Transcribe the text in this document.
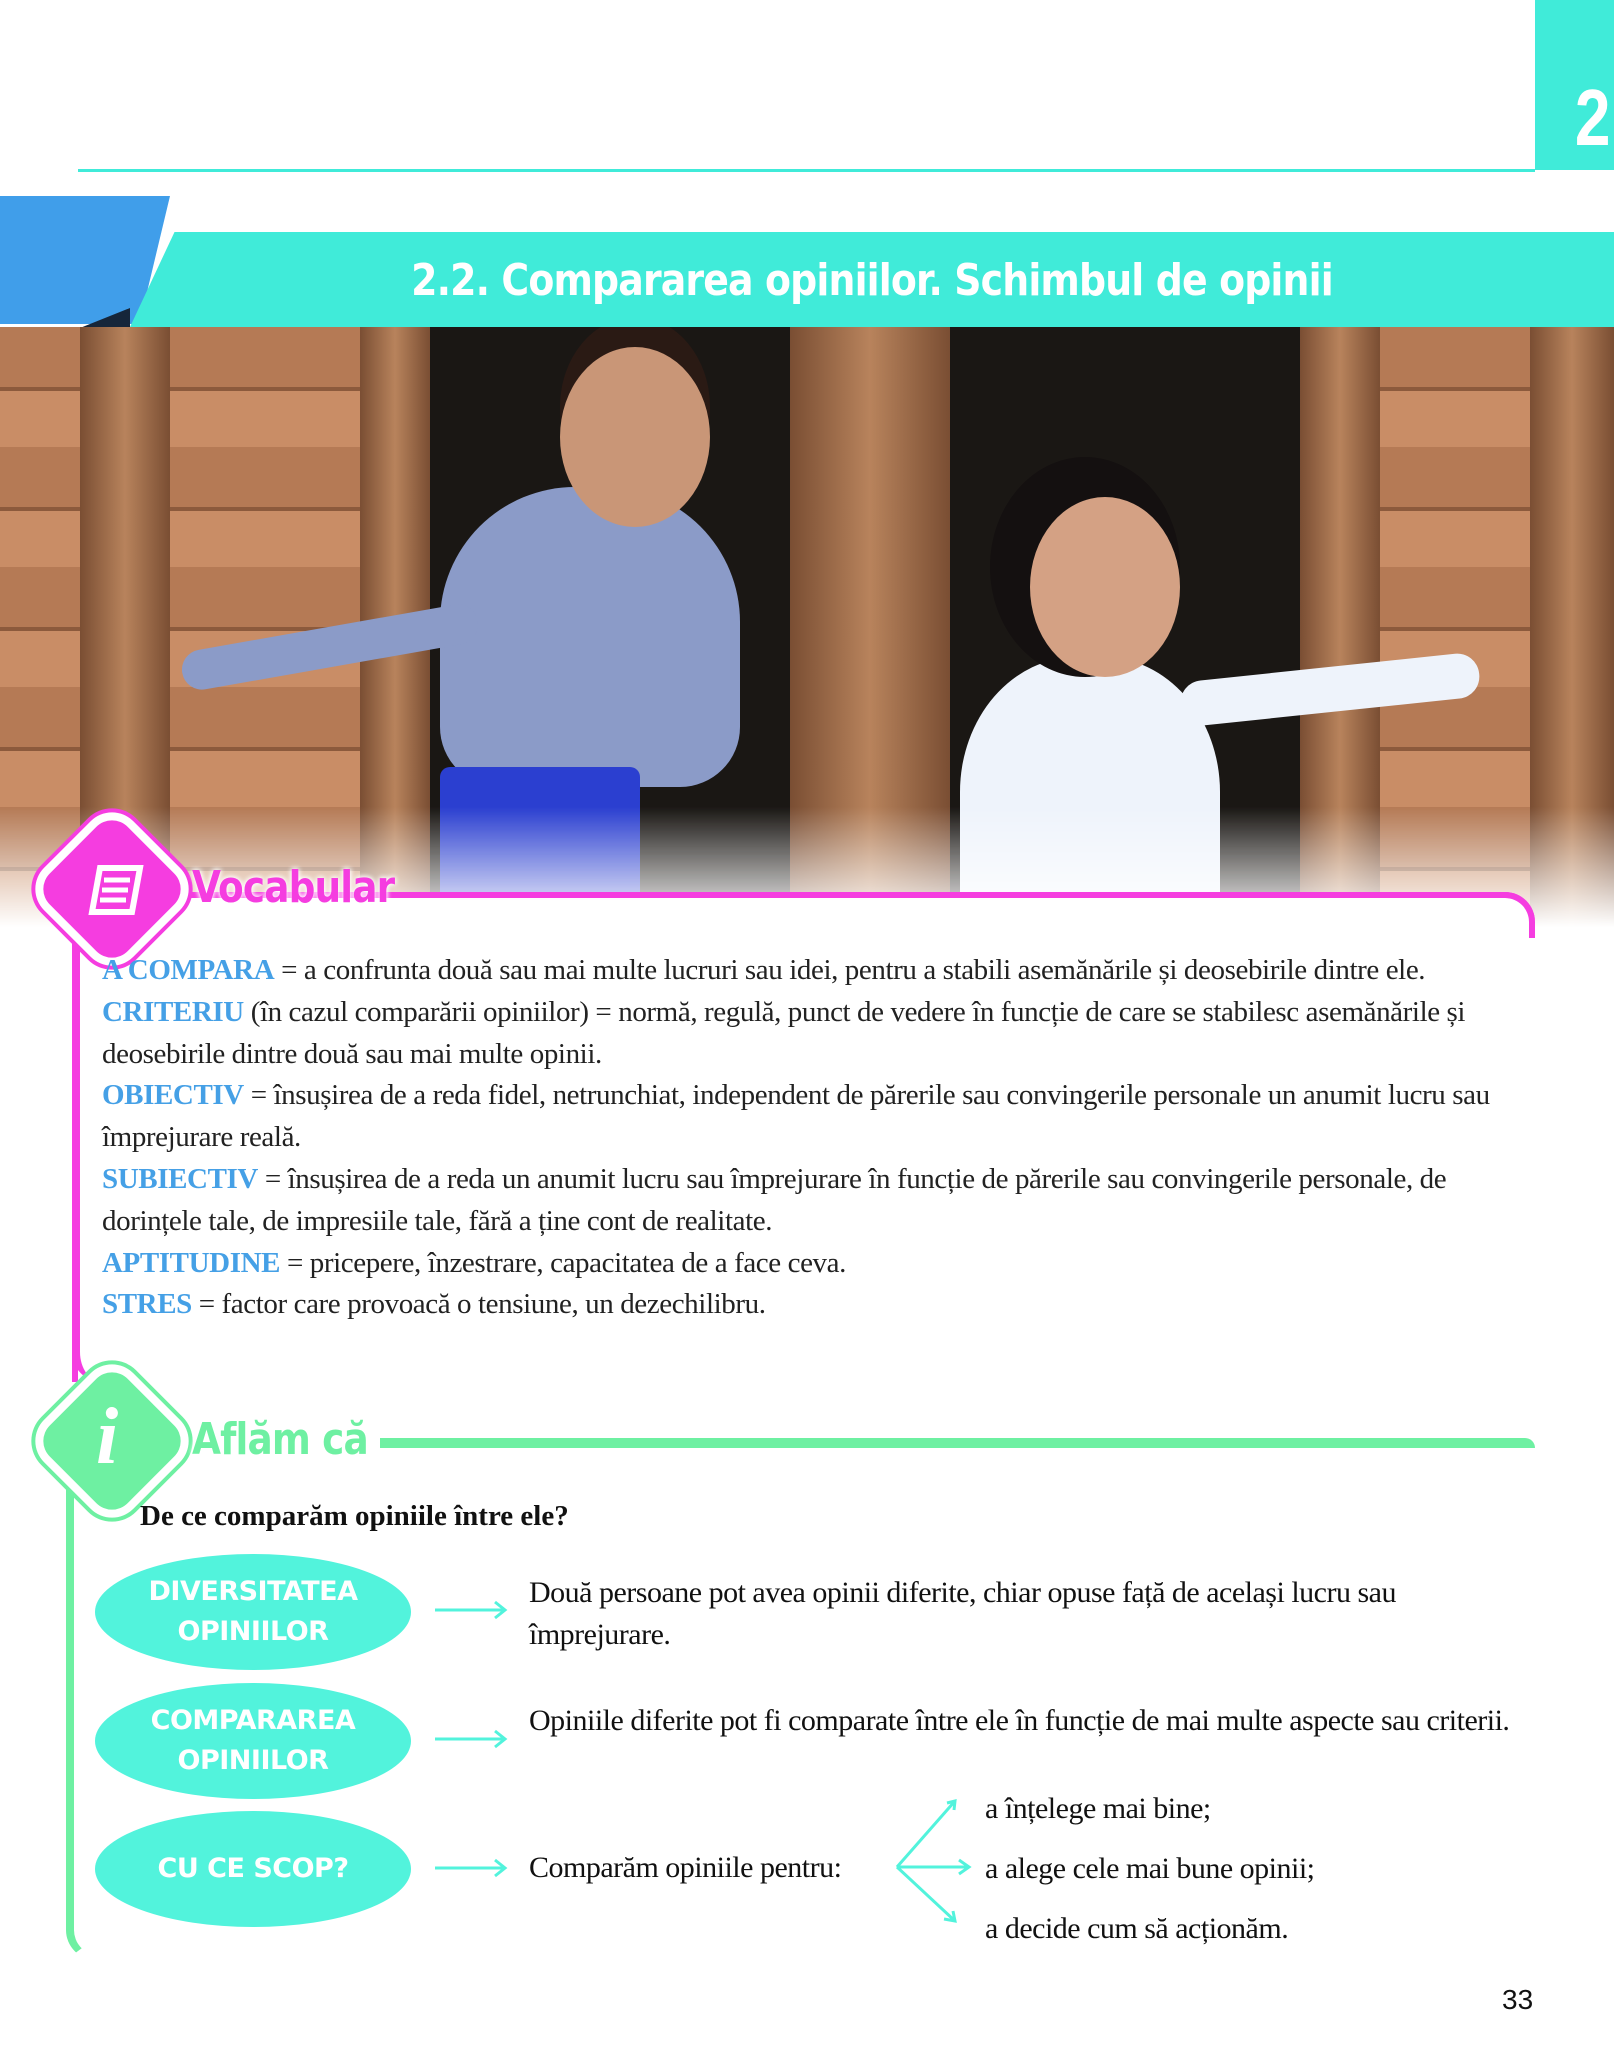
2
2.2. Compararea opiniilor. Schimbul de opinii
Vocabular
A COMPARA = a confrunta două sau mai multe lucruri sau idei, pentru a stabili asemănările și deosebirile dintre ele.
CRITERIU (în cazul comparării opiniilor) = normă, regulă, punct de vedere în funcție de care se stabilesc asemănările și deosebirile dintre două sau mai multe opinii.
OBIECTIV = însușirea de a reda fidel, netrunchiat, independent de părerile sau convingerile personale un anumit lucru sau împrejurare reală.
SUBIECTIV = însușirea de a reda un anumit lucru sau împrejurare în funcție de părerile sau convingerile personale, de dorințele tale, de impresiile tale, fără a ține cont de realitate.
APTITUDINE = pricepere, înzestrare, capacitatea de a face ceva.
STRES = factor care provoacă o tensiune, un dezechilibru.
i Aflăm că
De ce comparăm opiniile între ele?
DIVERSITATEA OPINIILOR
COMPARAREA OPINIILOR
CU CE SCOP?
Două persoane pot avea opinii diferite, chiar opuse față de același lucru sau împrejurare.
Opiniile diferite pot fi comparate între ele în funcție de mai multe aspecte sau criterii.
Comparăm opiniile pentru:
a înțelege mai bine;
a alege cele mai bune opinii;
a decide cum să acționăm.
33
